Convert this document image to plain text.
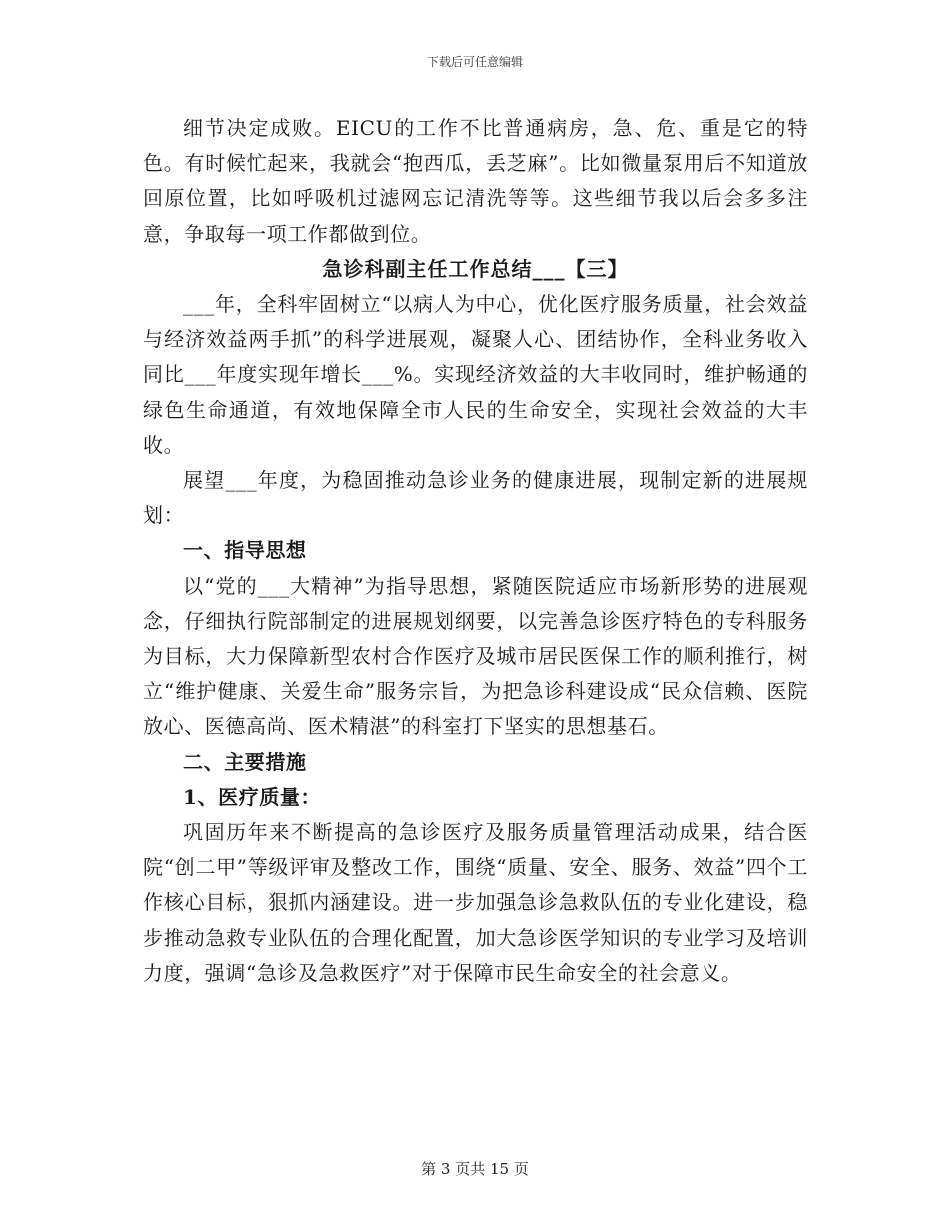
下载后可任意编辑

细节决定成败。EICU的工作不比普通病房，急、危、重是它的特色。有时候忙起来，我就会“抱西瓜，丢芝麻”。比如微量泵用后不知道放回原位置，比如呼吸机过滤网忘记清洗等等。这些细节我以后会多多注意，争取每一项工作都做到位。

急诊科副主任工作总结___【三】

___年，全科牢固树立“以病人为中心，优化医疗服务质量，社会效益与经济效益两手抓”的科学进展观，凝聚人心、团结协作，全科业务收入同比___年度实现年增长___%。实现经济效益的大丰收同时，维护畅通的绿色生命通道，有效地保障全市人民的生命安全，实现社会效益的大丰收。

展望___年度，为稳固推动急诊业务的健康进展，现制定新的进展规划：

一、指导思想

以“党的___大精神”为指导思想，紧随医院适应市场新形势的进展观念，仔细执行院部制定的进展规划纲要，以完善急诊医疗特色的专科服务为目标，大力保障新型农村合作医疗及城市居民医保工作的顺利推行，树立“维护健康、关爱生命”服务宗旨，为把急诊科建设成“民众信赖、医院放心、医德高尚、医术精湛”的科室打下坚实的思想基石。

二、主要措施

1、医疗质量：

巩固历年来不断提高的急诊医疗及服务质量管理活动成果，结合医院“创二甲”等级评审及整改工作，围绕“质量、安全、服务、效益”四个工作核心目标，狠抓内涵建设。进一步加强急诊急救队伍的专业化建设，稳步推动急救专业队伍的合理化配置，加大急诊医学知识的专业学习及培训力度，强调“急诊及急救医疗”对于保障市民生命安全的社会意义。

第 3 页共 15 页
